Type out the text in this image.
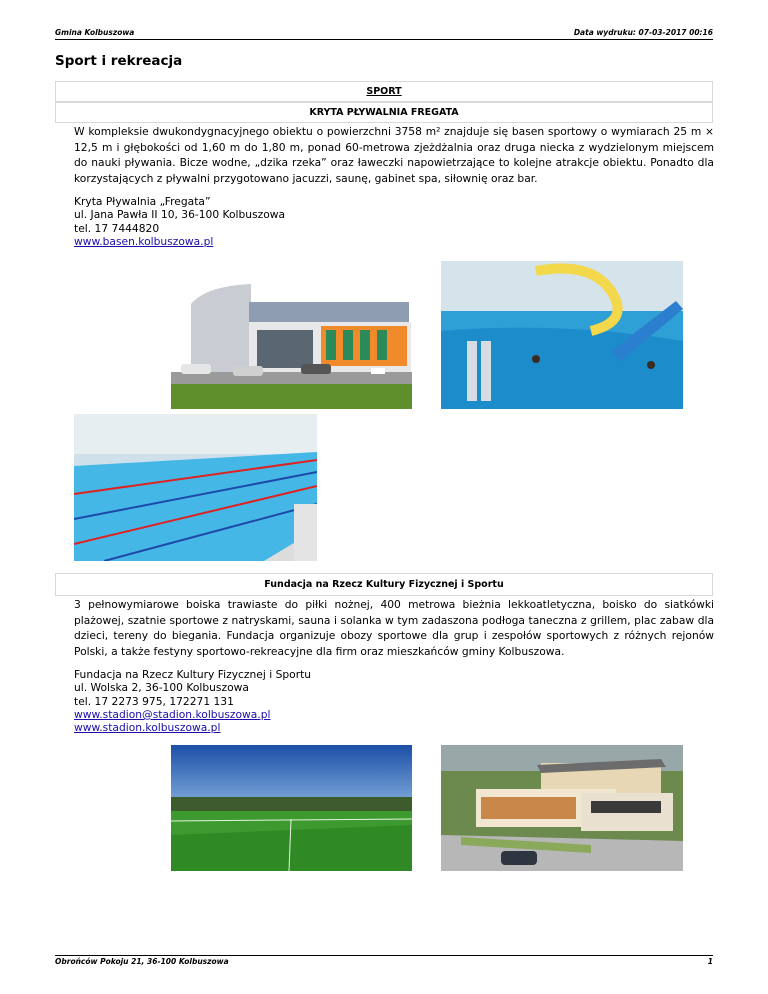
Gmina Kolbuszowa	Data wydruku: 07-03-2017 00:16
Sport i rekreacja
SPORT
KRYTA PŁYWALNIA FREGATA
W kompleksie dwukondygnacyjnego obiektu o powierzchni 3758 m² znajduje się basen sportowy o wymiarach 25 m × 12,5 m i głębokości od 1,60 m do 1,80 m, ponad 60-metrowa zjeżdżalnia oraz druga niecka z wydzielonym miejscem do nauki pływania. Bicze wodne, „dzika rzeka” oraz ławeczki napowietrzające to kolejne atrakcje obiektu. Ponadto dla korzystających z pływalni przygotowano jacuzzi, saunę, gabinet spa, siłownię oraz bar.
Kryta Pływalnia „Fregata”
ul. Jana Pawła II 10, 36-100 Kolbuszowa
tel. 17 7444820
www.basen.kolbuszowa.pl
Fundacja na Rzecz Kultury Fizycznej i Sportu
3 pełnowymiarowe boiska trawiaste do piłki nożnej, 400 metrowa bieżnia lekkoatletyczna, boisko do siatkówki plażowej, szatnie sportowe z natryskami, sauna i solanka w tym zadaszona podłoga taneczna z grillem, plac zabaw dla dzieci, tereny do biegania. Fundacja organizuje obozy sportowe dla grup i zespołów sportowych z różnych rejonów Polski, a także festyny sportowo-rekreacyjne dla firm oraz mieszkańców gminy Kolbuszowa.
Fundacja na Rzecz Kultury Fizycznej i Sportu
ul. Wolska 2, 36-100 Kolbuszowa
tel. 17 2273 975, 172271 131
www.stadion@stadion.kolbuszowa.pl
www.stadion.kolbuszowa.pl
Obrońców Pokoju 21, 36-100 Kolbuszowa	1
